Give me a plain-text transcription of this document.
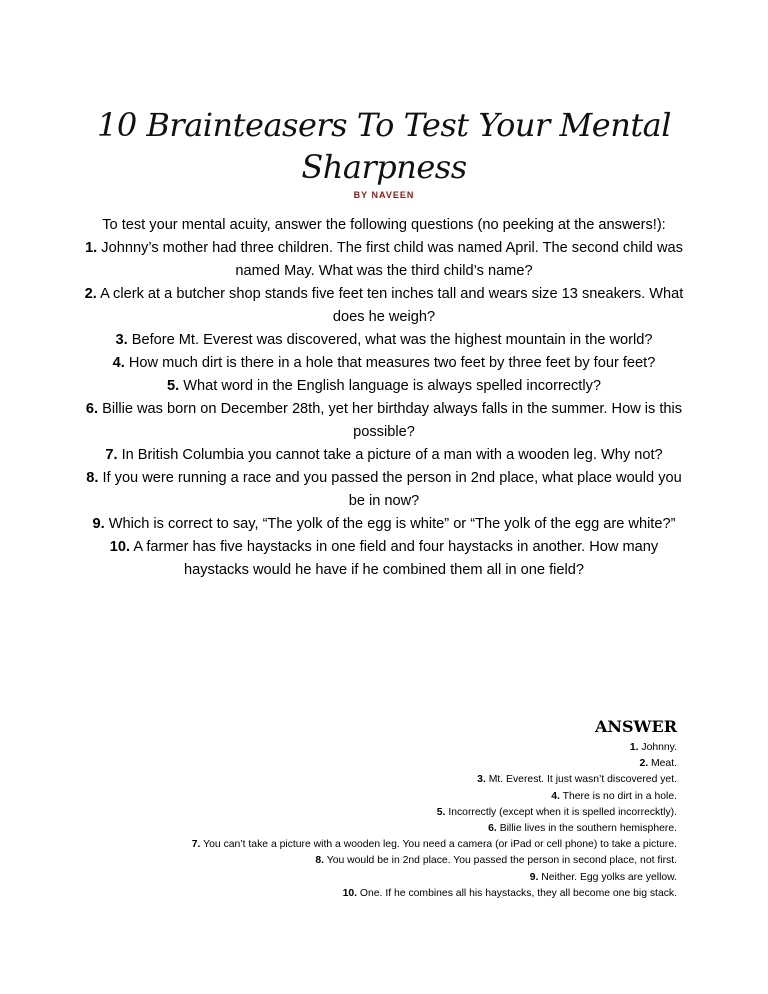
10 Brainteasers To Test Your Mental Sharpness
BY NAVEEN

To test your mental acuity, answer the following questions (no peeking at the answers!):

1. Johnny’s mother had three children. The first child was named April. The second child was named May. What was the third child’s name?

2. A clerk at a butcher shop stands five feet ten inches tall and wears size 13 sneakers. What does he weigh?

3. Before Mt. Everest was discovered, what was the highest mountain in the world?

4. How much dirt is there in a hole that measures two feet by three feet by four feet?

5. What word in the English language is always spelled incorrectly?

6. Billie was born on December 28th, yet her birthday always falls in the summer. How is this possible?

7. In British Columbia you cannot take a picture of a man with a wooden leg. Why not?

8. If you were running a race and you passed the person in 2nd place, what place would you be in now?

9. Which is correct to say, “The yolk of the egg is white” or “The yolk of the egg are white?”

10. A farmer has five haystacks in one field and four haystacks in another. How many haystacks would he have if he combined them all in one field?

ANSWER

1. Johnny.

2. Meat.

3. Mt. Everest. It just wasn’t discovered yet.

4. There is no dirt in a hole.

5. Incorrectly (except when it is spelled incorrecktly).

6. Billie lives in the southern hemisphere.

7. You can’t take a picture with a wooden leg. You need a camera (or iPad or cell phone) to take a picture.

8. You would be in 2nd place. You passed the person in second place, not first.

9. Neither. Egg yolks are yellow.

10. One. If he combines all his haystacks, they all become one big stack.
